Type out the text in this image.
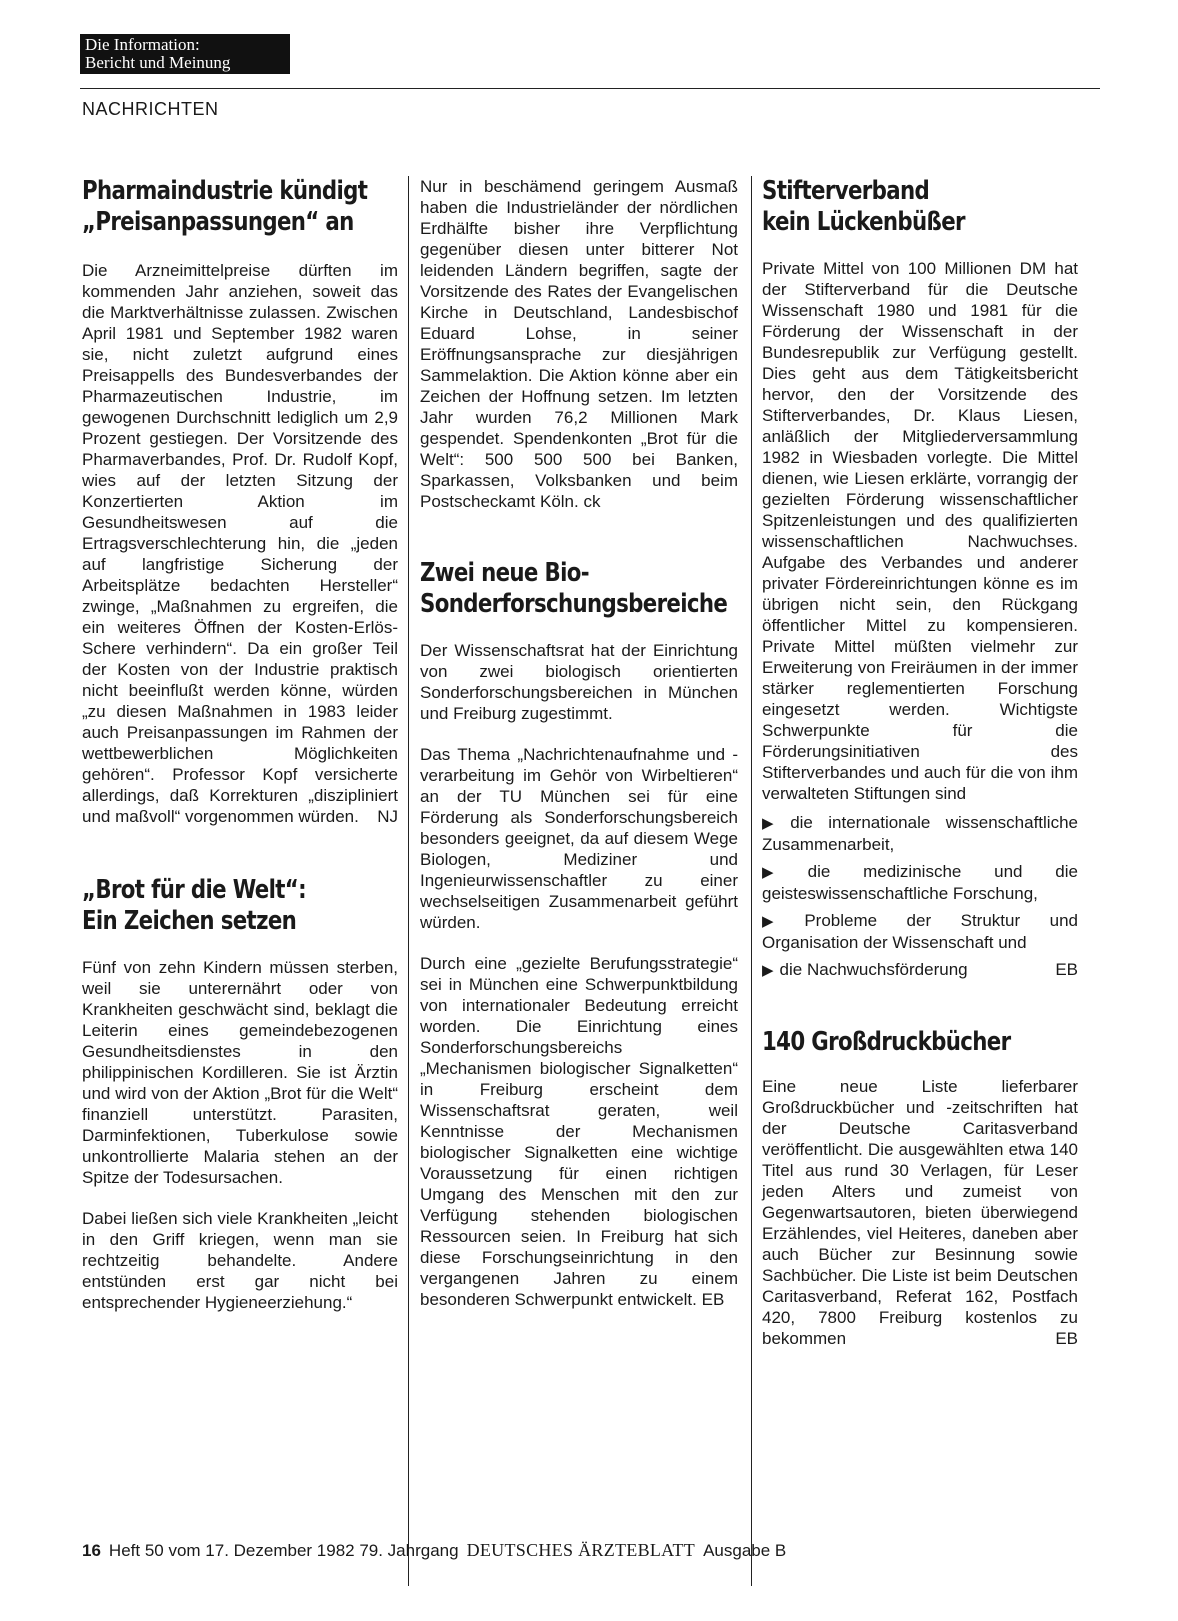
Die Information:
Bericht und Meinung
NACHRICHTEN
Pharmaindustrie kündigt
„Preisanpassungen“ an

Die Arzneimittelpreise dürften im kommenden Jahr anziehen, soweit das die Marktverhältnisse zulassen. Zwischen April 1981 und September 1982 waren sie, nicht zuletzt aufgrund eines Preisappells des Bundesverbandes der Pharmazeutischen Industrie, im gewogenen Durchschnitt lediglich um 2,9 Prozent gestiegen. Der Vorsitzende des Pharmaverbandes, Prof. Dr. Rudolf Kopf, wies auf der letzten Sitzung der Konzertierten Aktion im Gesundheitswesen auf die Ertragsverschlechterung hin, die „jeden auf langfristige Sicherung der Arbeitsplätze bedachten Hersteller“ zwinge, „Maßnahmen zu ergreifen, die ein weiteres Öffnen der Kosten-Erlös-Schere verhindern“. Da ein großer Teil der Kosten von der Industrie praktisch nicht beeinflußt werden könne, würden „zu diesen Maßnahmen in 1983 leider auch Preisanpassungen im Rahmen der wettbewerblichen Möglichkeiten gehören“. Professor Kopf versicherte allerdings, daß Korrekturen „diszipliniert und maßvoll“ vorgenommen würden. NJ

„Brot für die Welt“:
Ein Zeichen setzen

Fünf von zehn Kindern müssen sterben, weil sie unterernährt oder von Krankheiten geschwächt sind, beklagt die Leiterin eines gemeindebezogenen Gesundheitsdienstes in den philippinischen Kordilleren. Sie ist Ärztin und wird von der Aktion „Brot für die Welt“ finanziell unterstützt. Parasiten, Darminfektionen, Tuberkulose sowie unkontrollierte Malaria stehen an der Spitze der Todesursachen.

Dabei ließen sich viele Krankheiten „leicht in den Griff kriegen, wenn man sie rechtzeitig behandelte. Andere entstünden erst gar nicht bei entsprechender Hygieneerziehung.“

Nur in beschämend geringem Ausmaß haben die Industrieländer der nördlichen Erdhälfte bisher ihre Verpflichtung gegenüber diesen unter bitterer Not leidenden Ländern begriffen, sagte der Vorsitzende des Rates der Evangelischen Kirche in Deutschland, Landesbischof Eduard Lohse, in seiner Eröffnungsansprache zur diesjährigen Sammelaktion. Die Aktion könne aber ein Zeichen der Hoffnung setzen. Im letzten Jahr wurden 76,2 Millionen Mark gespendet. Spendenkonten „Brot für die Welt“: 500 500 500 bei Banken, Sparkassen, Volksbanken und beim Postscheckamt Köln. ck

Zwei neue Bio-
Sonderforschungsbereiche

Der Wissenschaftsrat hat der Einrichtung von zwei biologisch orientierten Sonderforschungsbereichen in München und Freiburg zugestimmt.

Das Thema „Nachrichtenaufnahme und -verarbeitung im Gehör von Wirbeltieren“ an der TU München sei für eine Förderung als Sonderforschungsbereich besonders geeignet, da auf diesem Wege Biologen, Mediziner und Ingenieurwissenschaftler zu einer wechselseitigen Zusammenarbeit geführt würden.

Durch eine „gezielte Berufungsstrategie“ sei in München eine Schwerpunktbildung von internationaler Bedeutung erreicht worden. Die Einrichtung eines Sonderforschungsbereichs „Mechanismen biologischer Signalketten“ in Freiburg erscheint dem Wissenschaftsrat geraten, weil Kenntnisse der Mechanismen biologischer Signalketten eine wichtige Voraussetzung für einen richtigen Umgang des Menschen mit den zur Verfügung stehenden biologischen Ressourcen seien. In Freiburg hat sich diese Forschungseinrichtung in den vergangenen Jahren zu einem besonderen Schwerpunkt entwickelt. EB

Stifterverband
kein Lückenbüßer

Private Mittel von 100 Millionen DM hat der Stifterverband für die Deutsche Wissenschaft 1980 und 1981 für die Förderung der Wissenschaft in der Bundesrepublik zur Verfügung gestellt. Dies geht aus dem Tätigkeitsbericht hervor, den der Vorsitzende des Stifterverbandes, Dr. Klaus Liesen, anläßlich der Mitgliederversammlung 1982 in Wiesbaden vorlegte. Die Mittel dienen, wie Liesen erklärte, vorrangig der gezielten Förderung wissenschaftlicher Spitzenleistungen und des qualifizierten wissenschaftlichen Nachwuchses. Aufgabe des Verbandes und anderer privater Fördereinrichtungen könne es im übrigen nicht sein, den Rückgang öffentlicher Mittel zu kompensieren. Private Mittel müßten vielmehr zur Erweiterung von Freiräumen in der immer stärker reglementierten Forschung eingesetzt werden. Wichtigste Schwerpunkte für die Förderungsinitiativen des Stifterverbandes und auch für die von ihm verwalteten Stiftungen sind

▶ die internationale wissenschaftliche Zusammenarbeit,

▶ die medizinische und die geisteswissenschaftliche Forschung,

▶ Probleme der Struktur und Organisation der Wissenschaft und

▶ die Nachwuchsförderung	EB

140 Großdruckbücher

Eine neue Liste lieferbarer Großdruckbücher und -zeitschriften hat der Deutsche Caritasverband veröffentlicht. Die ausgewählten etwa 140 Titel aus rund 30 Verlagen, für Leser jeden Alters und zumeist von Gegenwartsautoren, bieten überwiegend Erzählendes, viel Heiteres, daneben aber auch Bücher zur Besinnung sowie Sachbücher. Die Liste ist beim Deutschen Caritasverband, Referat 162, Postfach 420, 7800 Freiburg kostenlos zu bekommen	EB

16 Heft 50 vom 17. Dezember 1982 79. Jahrgang DEUTSCHES ÄRZTEBLATT Ausgabe B
